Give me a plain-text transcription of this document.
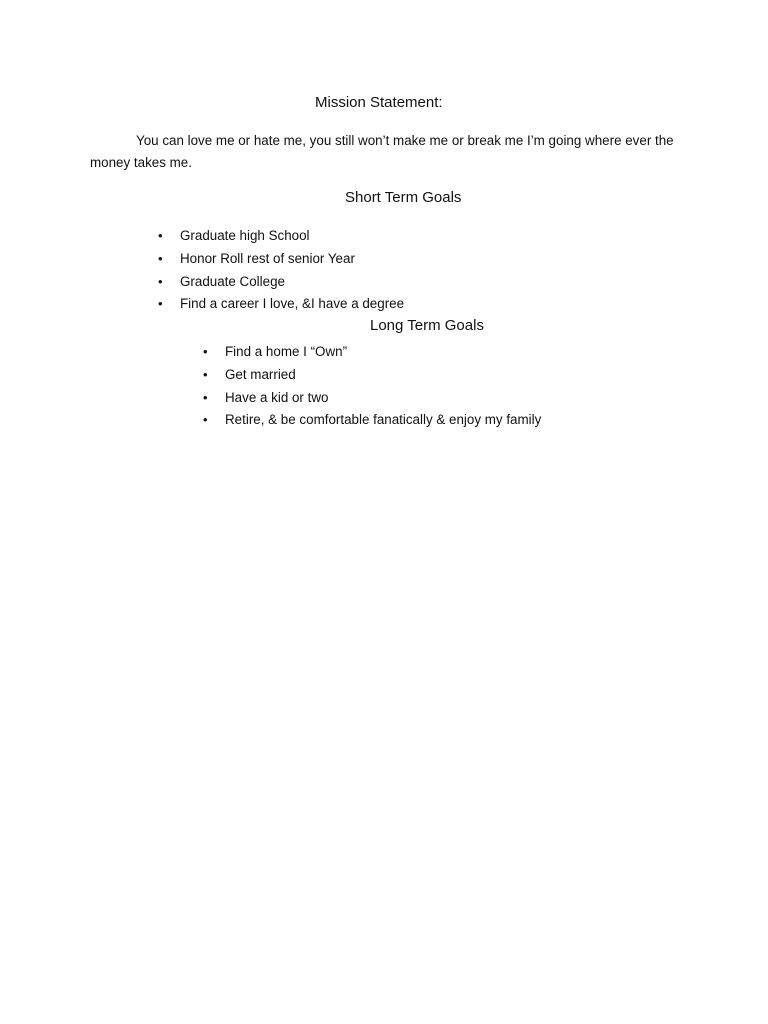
Mission Statement:
You can love me or hate me, you still won’t make me or break me I’m going where ever the money takes me.
Short Term Goals
• Graduate high School
• Honor Roll rest of senior Year
• Graduate College
• Find a career I love, &I have a degree
Long Term Goals
• Find a home I “Own”
• Get married
• Have a kid or two
• Retire, & be comfortable fanatically & enjoy my family
